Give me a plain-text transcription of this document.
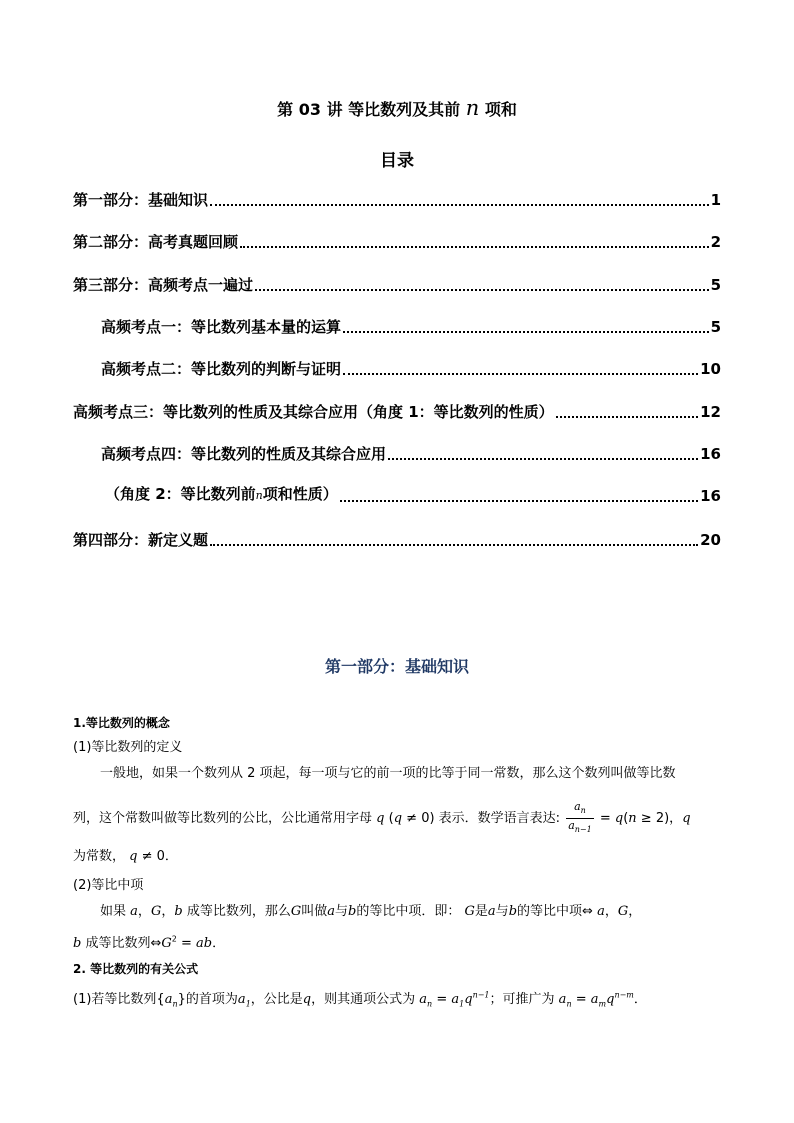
第 03 讲 等比数列及其前 n 项和
目录
第一部分：基础知识	1
第二部分：高考真题回顾	2
第三部分：高频考点一遍过	5
高频考点一：等比数列基本量的运算	5
高频考点二：等比数列的判断与证明	10
高频考点三：等比数列的性质及其综合应用（角度 1：等比数列的性质）	12
高频考点四：等比数列的性质及其综合应用	16
（角度 2：等比数列前n项和性质）	16
第四部分：新定义题	20
第一部分：基础知识
1.等比数列的概念
(1)等比数列的定义
一般地，如果一个数列从 2 项起，每一项与它的前一项的比等于同一常数，那么这个数列叫做等比数
列，这个常数叫做等比数列的公比，公比通常用字母 q (q ≠ 0) 表示．数学语言表达: $\frac{a_n}{a_{n-1}} = q(n \ge 2)$，q
为常数， q ≠ 0．
(2)等比中项
如果 a，G，b 成等比数列，那么G叫做a与b的等比中项．即： G是a与b的等比中项⇔ a，G，
b 成等比数列$\Leftrightarrow G^2$ = ab．
2. 等比数列的有关公式
(1)若等比数列$\{a_n\}$的首项为$a_1$，公比是q，则其通项公式为 $a_n = a_1q^{n-1}$；可推广为 $a_n = a_mq^{n-m}$．
